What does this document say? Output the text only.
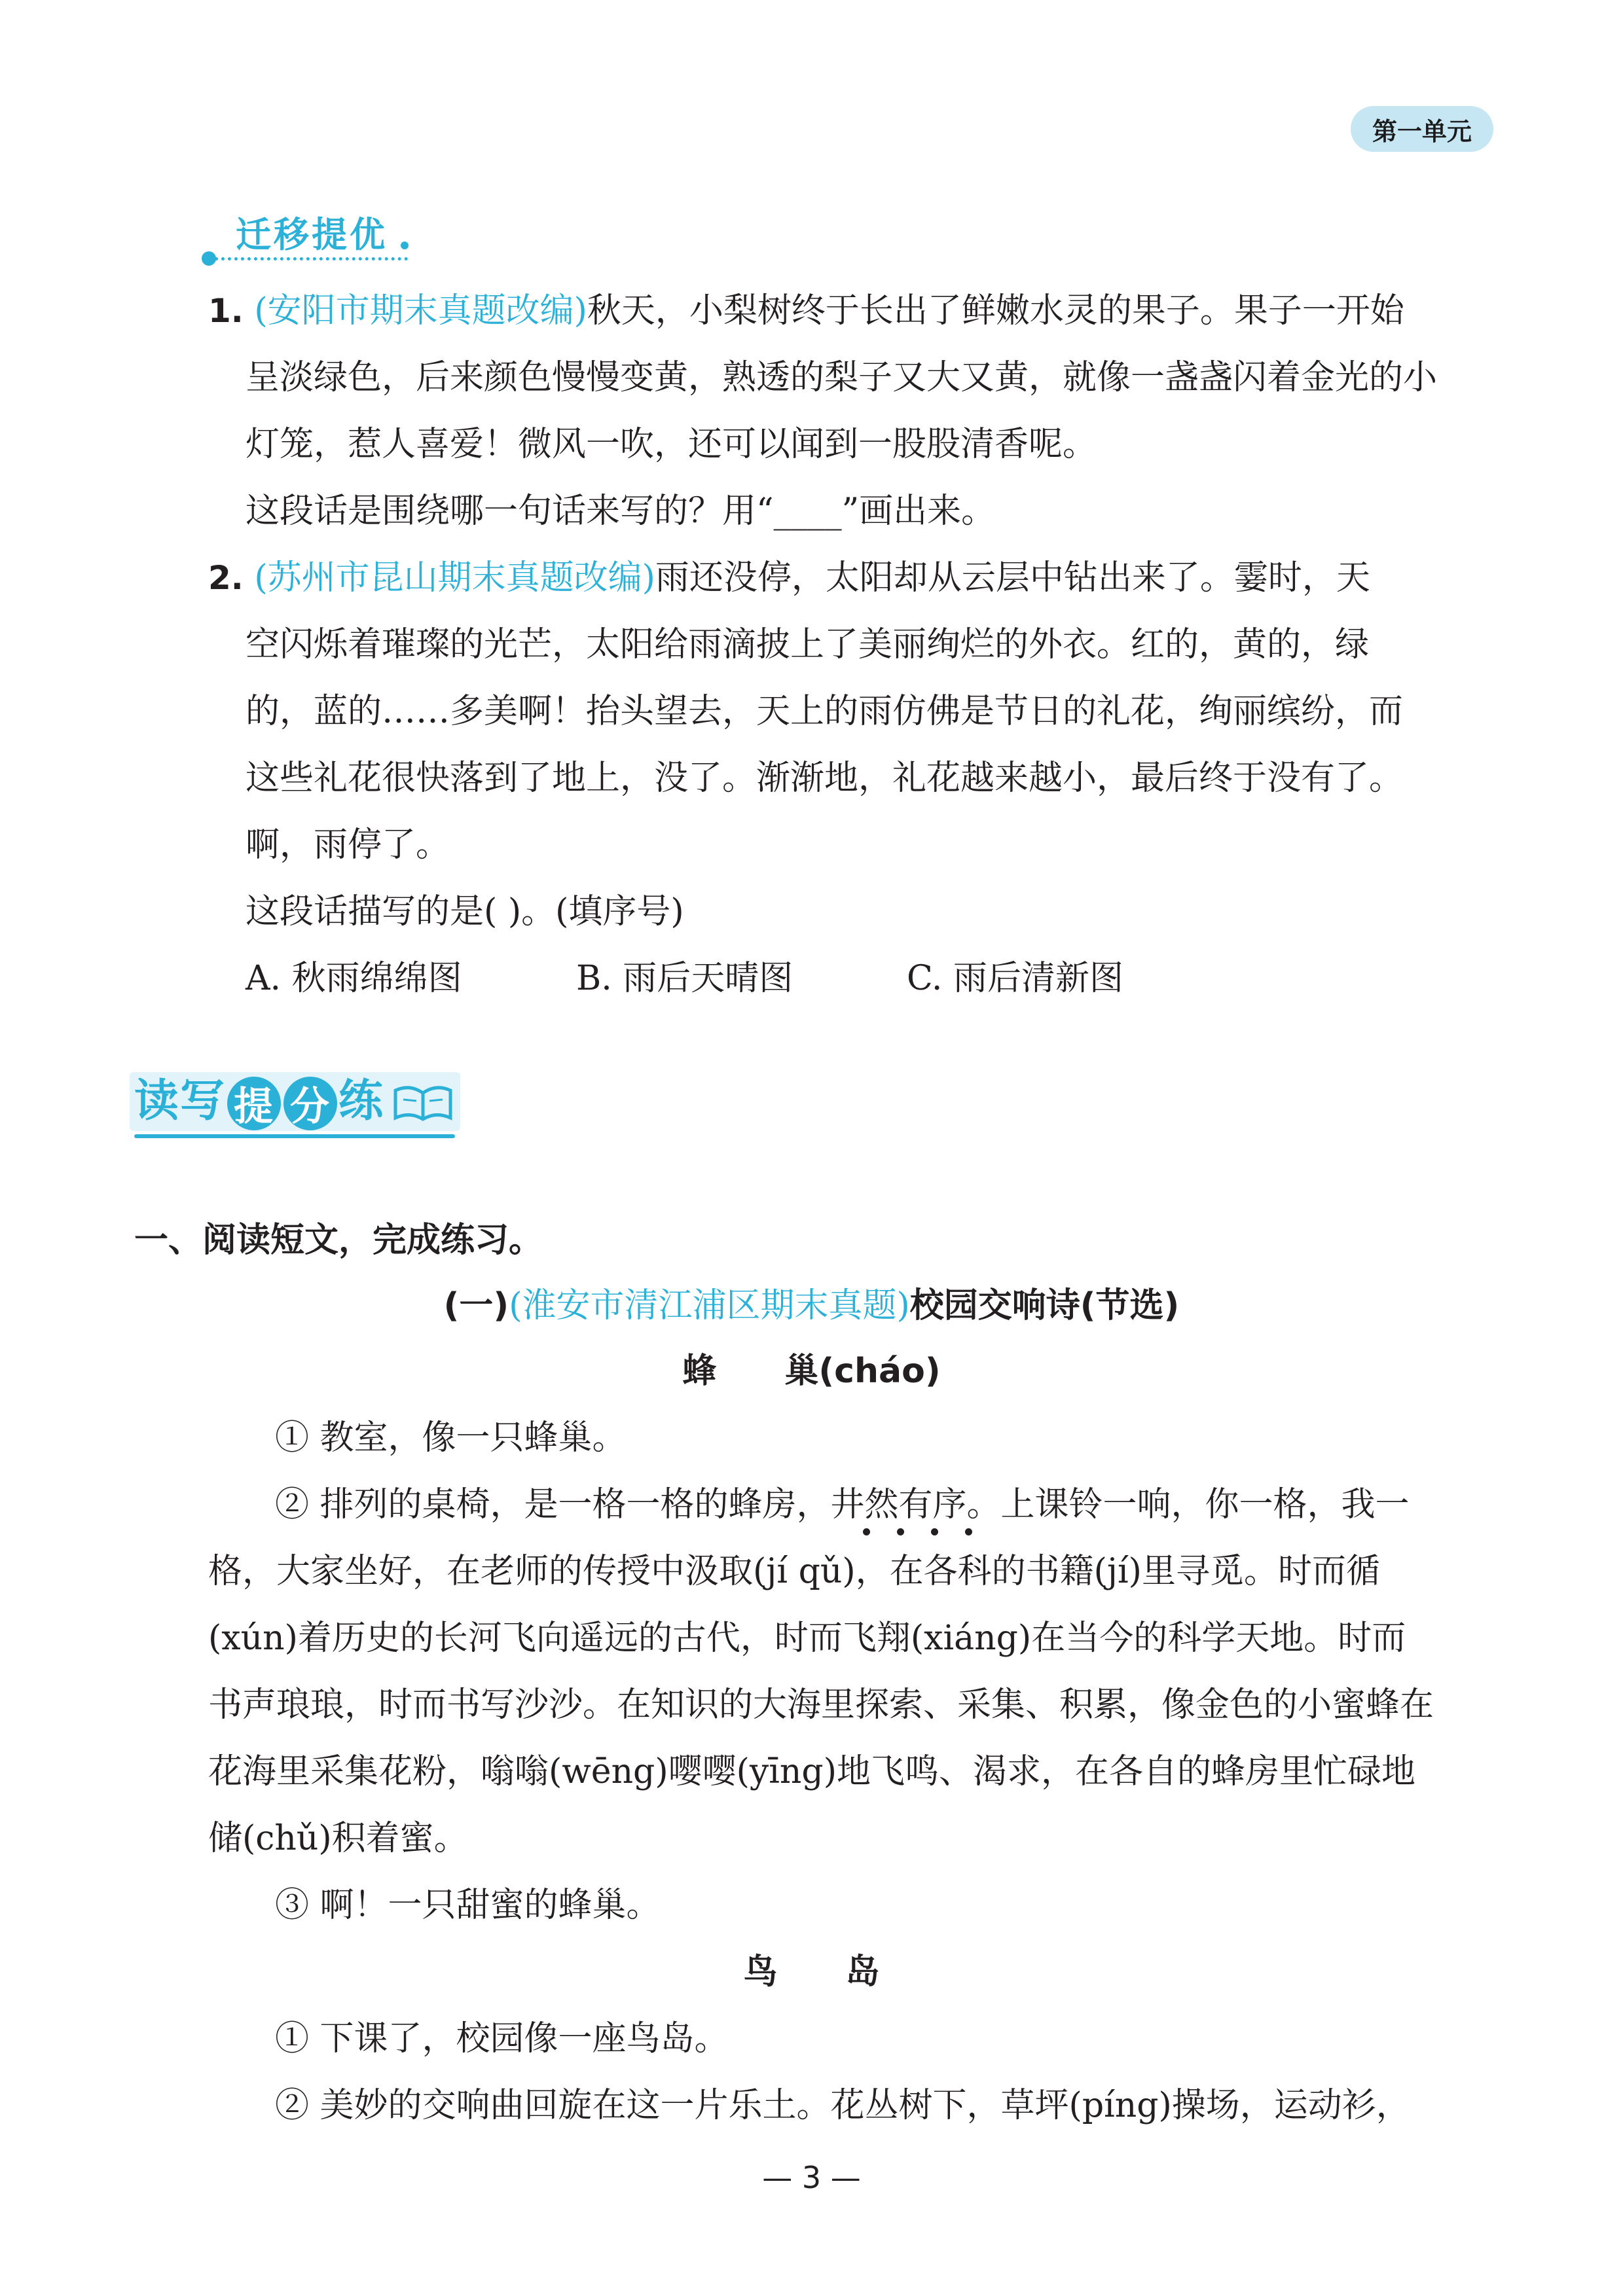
第一单元
迁移提优
1. (安阳市期末真题改编)秋天，小梨树终于长出了鲜嫩水灵的果子。果子一开始
呈淡绿色，后来颜色慢慢变黄，熟透的梨子又大又黄，就像一盏盏闪着金光的小
灯笼，惹人喜爱！微风一吹，还可以闻到一股股清香呢。
这段话是围绕哪一句话来写的？用“____”画出来。
2. (苏州市昆山期末真题改编)雨还没停，太阳却从云层中钻出来了。霎时，天
空闪烁着璀璨的光芒，太阳给雨滴披上了美丽绚烂的外衣。红的，黄的，绿
的，蓝的……多美啊！抬头望去，天上的雨仿佛是节日的礼花，绚丽缤纷，而
这些礼花很快落到了地上，没了。渐渐地，礼花越来越小，最后终于没有了。
啊，雨停了。
这段话描写的是( )。(填序号)
A. 秋雨绵绵图	B. 雨后天晴图	C. 雨后清新图
读写 提 分 练
一、阅读短文，完成练习。
(一)(淮安市清江浦区期末真题)校园交响诗(节选)
蜂　　巢(cháo)
① 教室，像一只蜂巢。
② 排列的桌椅，是一格一格的蜂房，井然有序。上课铃一响，你一格，我一
格，大家坐好，在老师的传授中汲取(jí qǔ)，在各科的书籍(jí)里寻觅。时而循
(xún)着历史的长河飞向遥远的古代，时而飞翔(xiáng)在当今的科学天地。时而
书声琅琅，时而书写沙沙。在知识的大海里探索、采集、积累，像金色的小蜜蜂在
花海里采集花粉，嗡嗡(wēng)嘤嘤(yīng)地飞鸣、渴求，在各自的蜂房里忙碌地
储(chǔ)积着蜜。
③ 啊！一只甜蜜的蜂巢。
鸟　　岛
① 下课了，校园像一座鸟岛。
② 美妙的交响曲回旋在这一片乐土。花丛树下，草坪(píng)操场，运动衫，
— 3 —
